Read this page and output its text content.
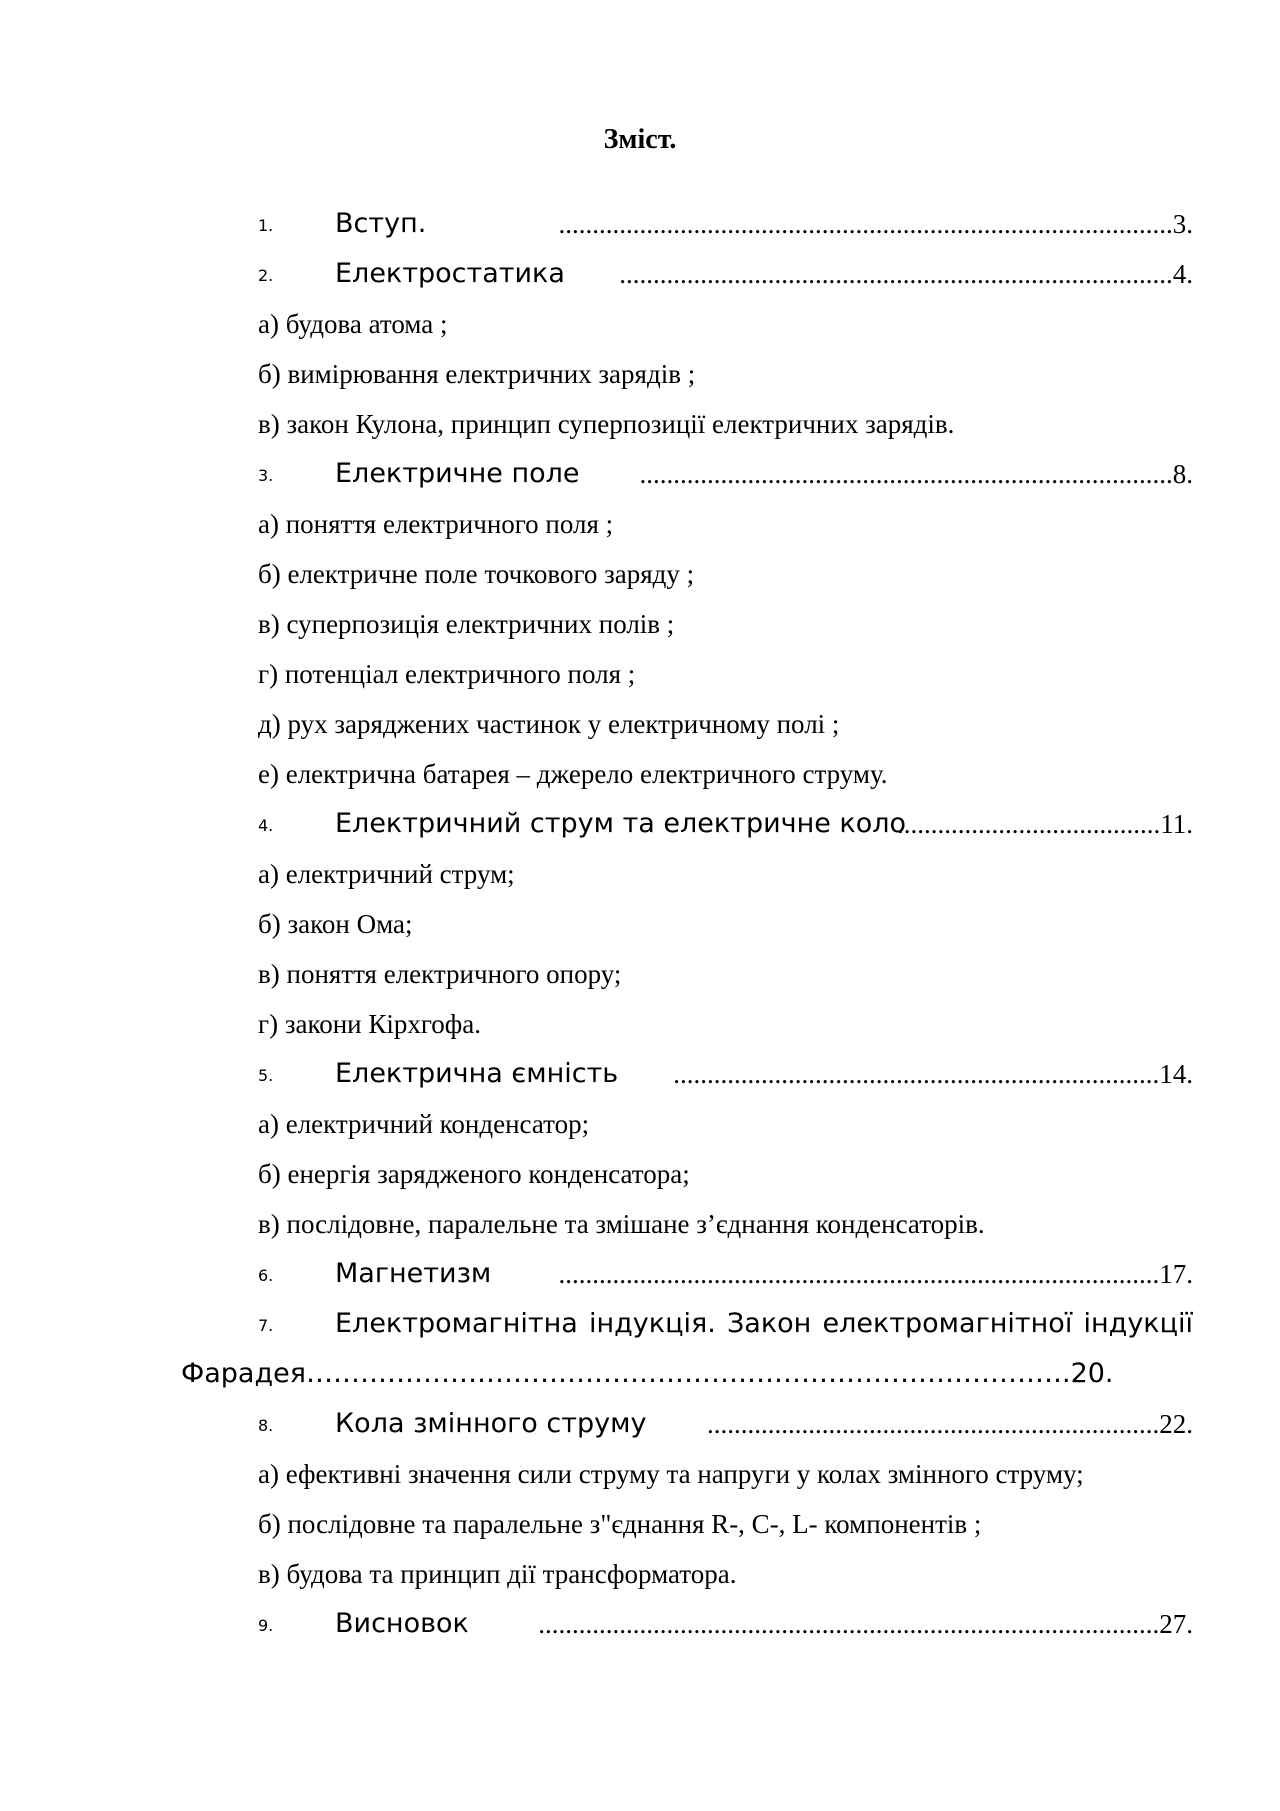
Зміст.
1. Вступ.	...........................................................................................3.
2. Електростатика ..................................................................................4.
а) будова атома ;
б) вимірювання електричних зарядів ;
в) закон Кулона, принцип суперпозиції електричних зарядів.
3. Електричне поле ...............................................................................8.
а) поняття електричного поля ;
б) електричне поле точкового заряду ;
в) суперпозиція електричних полів ;
г) потенціал електричного поля ;
д) рух заряджених частинок у електричному полі ;
е) електрична батарея – джерело електричного струму.
4. Електричний струм та електричне коло
.......................................11.
а) електричний струм;
б) закон Ома;
в) поняття електричного опору;
г) закони Кірхгофа.
5. Електрична ємність ........................................................................14.
а) електричний конденсатор;
б) енергія зарядженого конденсатора;
в) послідовне, паралельне та змішане з’єднання конденсаторів.
6. Магнетизм .........................................................................................17.
7. Електромагнітна індукція. Закон електромагнітної індукції
Фарадея………………………………………………………………………….20.
8. Кола змінного струму ...................................................................22.
а) ефективні значення сили струму та напруги у колах змінного струму;
б) послідовне та паралельне з"єднання R-, C-, L- компонентів ;
в) будова та принцип дії трансформатора.
9. Висновок	............................................................................................27.
